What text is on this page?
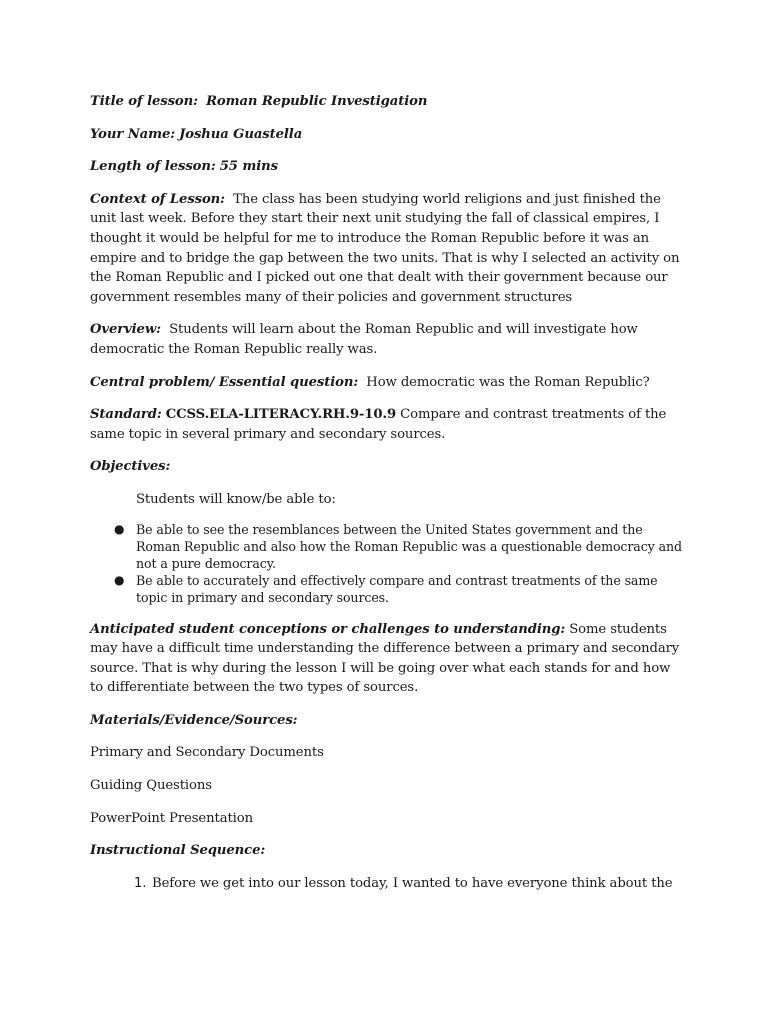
Title of lesson: Roman Republic Investigation

Your Name: Joshua Guastella

Length of lesson: 55 mins

Context of Lesson: The class has been studying world religions and just finished the unit last week. Before they start their next unit studying the fall of classical empires, I thought it would be helpful for me to introduce the Roman Republic before it was an empire and to bridge the gap between the two units. That is why I selected an activity on the Roman Republic and I picked out one that dealt with their government because our government resembles many of their policies and government structures

Overview: Students will learn about the Roman Republic and will investigate how democratic the Roman Republic really was.

Central problem/ Essential question: How democratic was the Roman Republic?

Standard: CCSS.ELA-LITERACY.RH.9-10.9 Compare and contrast treatments of the same topic in several primary and secondary sources.

Objectives:

Students will know/be able to:

● Be able to see the resemblances between the United States government and the Roman Republic and also how the Roman Republic was a questionable democracy and not a pure democracy.
● Be able to accurately and effectively compare and contrast treatments of the same topic in primary and secondary sources.

Anticipated student conceptions or challenges to understanding: Some students may have a difficult time understanding the difference between a primary and secondary source. That is why during the lesson I will be going over what each stands for and how to differentiate between the two types of sources.

Materials/Evidence/Sources:

Primary and Secondary Documents

Guiding Questions

PowerPoint Presentation

Instructional Sequence:

1. Before we get into our lesson today, I wanted to have everyone think about the
